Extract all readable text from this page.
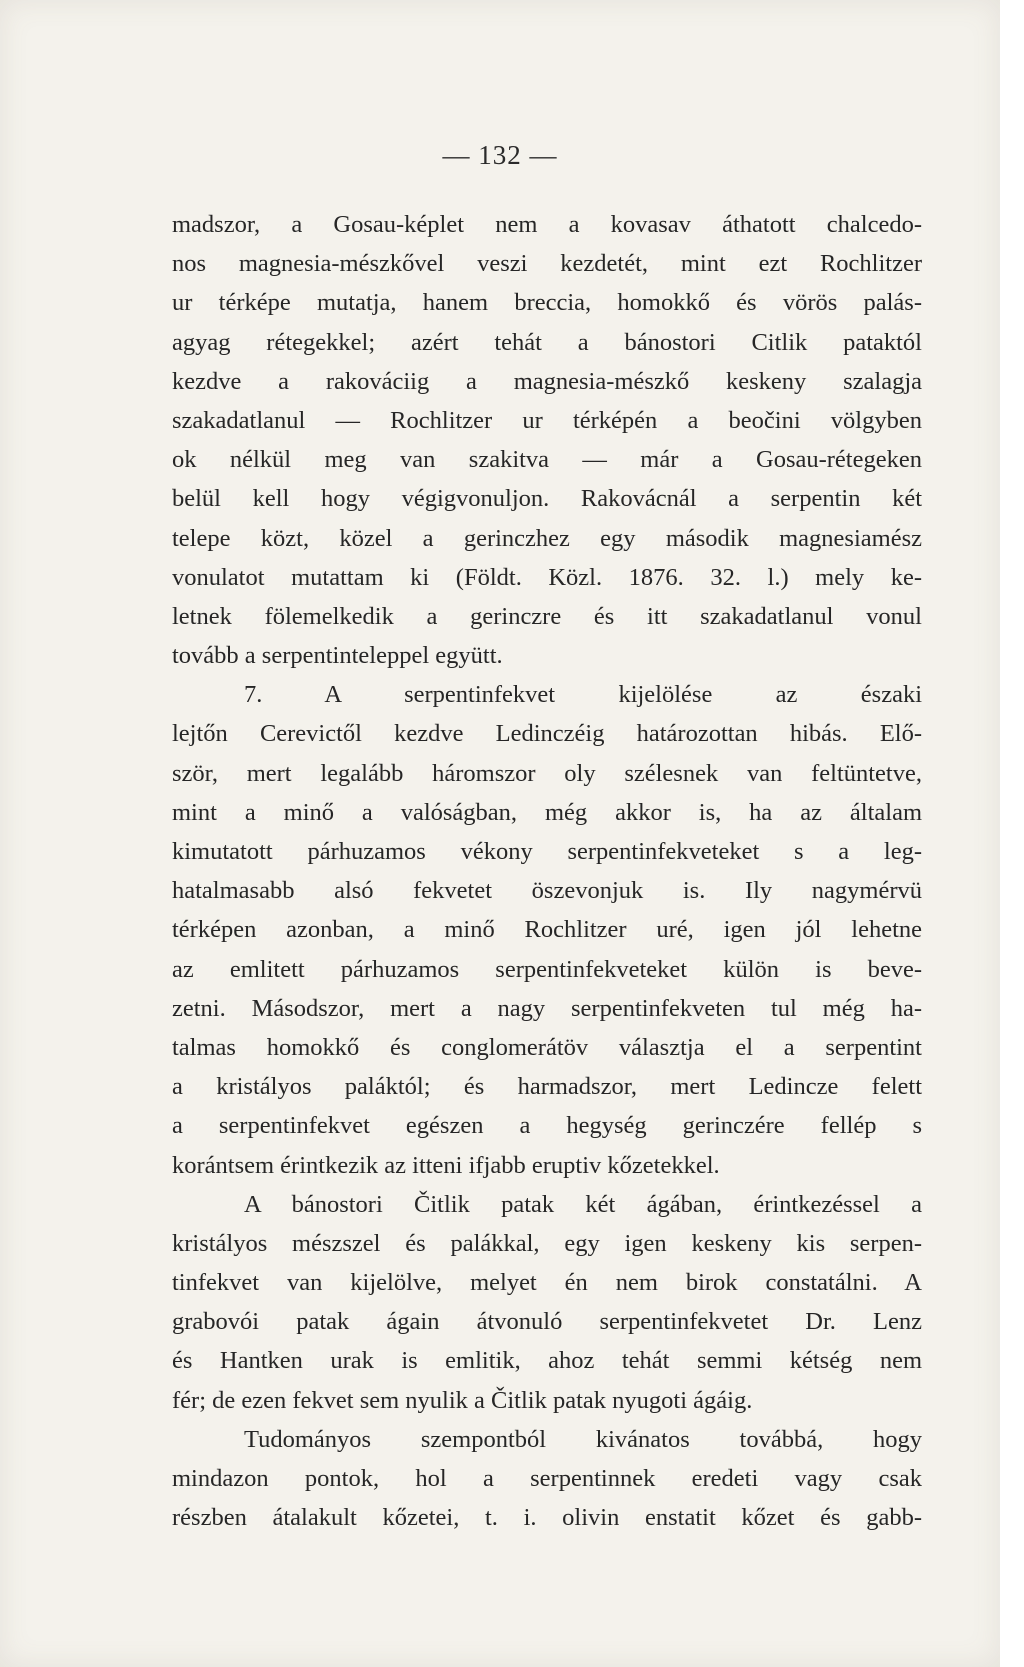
— 132 —
madszor, a Gosau-képlet nem a kovasav áthatott chalcedo-
nos magnesia-mészkővel veszi kezdetét, mint ezt Rochlitzer
ur térképe mutatja, hanem breccia, homokkő és vörös palás-
agyag rétegekkel; azért tehát a bánostori Citlik pataktól
kezdve a rakováciig a magnesia-mészkő keskeny szalagja
szakadatlanul — Rochlitzer ur térképén a beočini völgyben
ok nélkül meg van szakitva — már a Gosau-rétegeken
belül kell hogy végigvonuljon. Rakovácnál a serpentin két
telepe közt, közel a gerinczhez egy második magnesiamész
vonulatot mutattam ki (Földt. Közl. 1876. 32. l.) mely ke-
letnek fölemelkedik a gerinczre és itt szakadatlanul vonul
tovább a serpentinteleppel együtt.
7. A serpentinfekvet kijelölése az északi
lejtőn Cerevictől kezdve Ledinczéig határozottan hibás. Elő-
ször, mert legalább háromszor oly szélesnek van feltüntetve,
mint a minő a valóságban, még akkor is, ha az általam
kimutatott párhuzamos vékony serpentinfekveteket s a leg-
hatalmasabb alsó fekvetet öszevonjuk is. Ily nagymérvü
térképen azonban, a minő Rochlitzer uré, igen jól lehetne
az emlitett párhuzamos serpentinfekveteket külön is beve-
zetni. Másodszor, mert a nagy serpentinfekveten tul még ha-
talmas homokkő és conglomerátöv választja el a serpentint
a kristályos paláktól; és harmadszor, mert Ledincze felett
a serpentinfekvet egészen a hegység gerinczére fellép s
korántsem érintkezik az itteni ifjabb eruptiv kőzetekkel.
A bánostori Čitlik patak két ágában, érintkezéssel a
kristályos mészszel és palákkal, egy igen keskeny kis serpen-
tinfekvet van kijelölve, melyet én nem birok constatálni. A
grabovói patak ágain átvonuló serpentinfekvetet Dr. Lenz
és Hantken urak is emlitik, ahoz tehát semmi kétség nem
fér; de ezen fekvet sem nyulik a Čitlik patak nyugoti ágáig.
Tudományos szempontból kivánatos továbbá, hogy
mindazon pontok, hol a serpentinnek eredeti vagy csak
részben átalakult kőzetei, t. i. olivin enstatit kőzet és gabb-
